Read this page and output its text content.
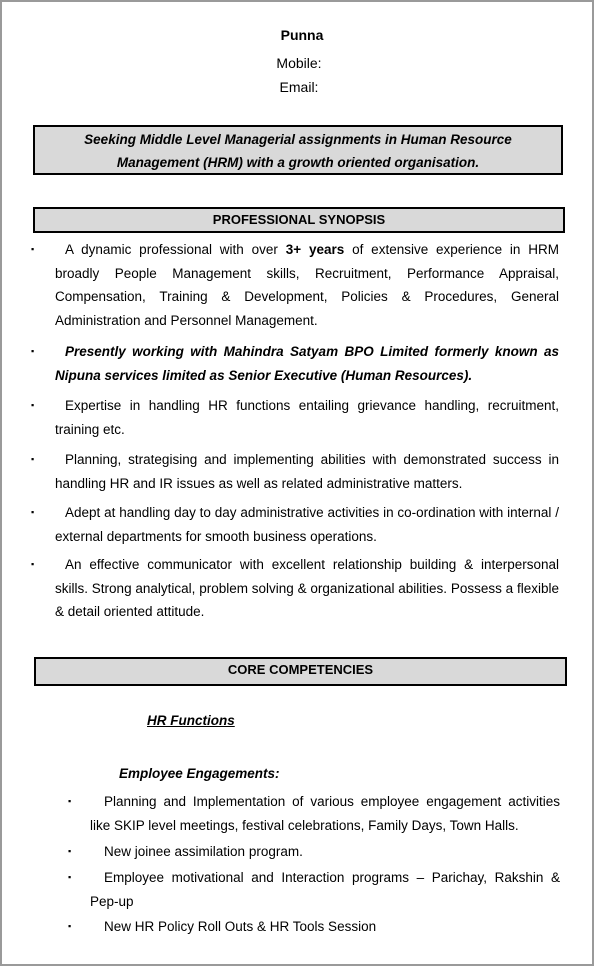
Punna
Mobile:
Email:
Seeking Middle Level Managerial assignments in Human Resource
Management (HRM) with a growth oriented organisation.
PROFESSIONAL SYNOPSIS
▪ A dynamic professional with over 3+ years of extensive experience in HRM broadly People Management skills, Recruitment, Performance Appraisal, Compensation, Training & Development, Policies & Procedures, General Administration and Personnel Management.
▪ Presently working with Mahindra Satyam BPO Limited formerly known as Nipuna services limited as Senior Executive (Human Resources).
▪ Expertise in handling HR functions entailing grievance handling, recruitment, training etc.
▪ Planning, strategising and implementing abilities with demonstrated success in handling HR and IR issues as well as related administrative matters.
▪ Adept at handling day to day administrative activities in co-ordination with internal / external departments for smooth business operations.
▪ An effective communicator with excellent relationship building & interpersonal skills. Strong analytical, problem solving & organizational abilities. Possess a flexible & detail oriented attitude.
CORE COMPETENCIES
HR Functions
Employee Engagements:
▪ Planning and Implementation of various employee engagement activities like SKIP level meetings, festival celebrations, Family Days, Town Halls.
▪ New joinee assimilation program.
▪ Employee motivational and Interaction programs – Parichay, Rakshin & Pep-up
▪ New HR Policy Roll Outs & HR Tools Session
